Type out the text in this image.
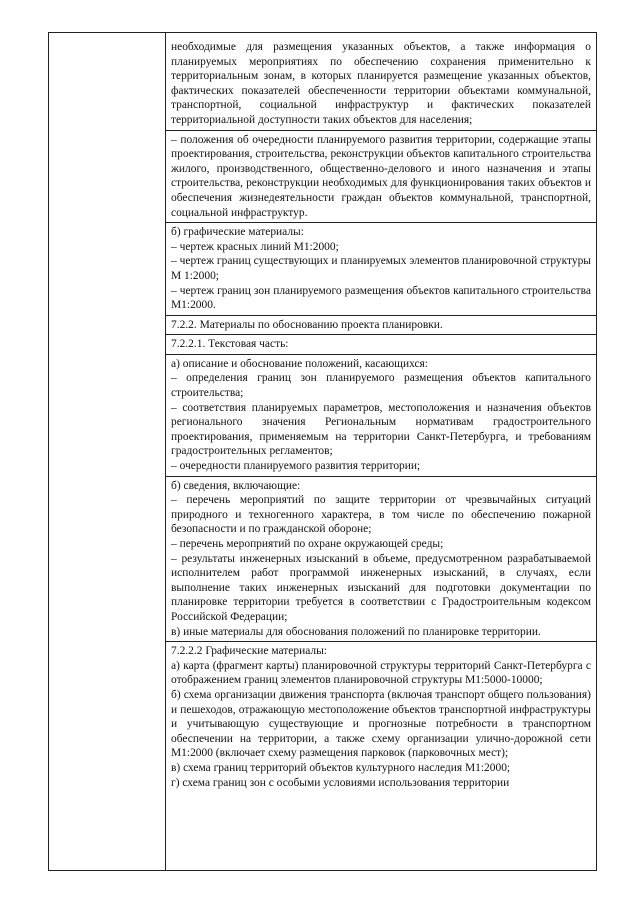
необходимые для размещения указанных объектов, а также информация о планируемых мероприятиях по обеспечению сохранения применительно к территориальным зонам, в которых планируется размещение указанных объектов, фактических показателей обеспеченности территории объектами коммунальной, транспортной, социальной инфраструктур и фактических показателей территориальной доступности таких объектов для населения;
– положения об очередности планируемого развития территории, содержащие этапы проектирования, строительства, реконструкции объектов капитального строительства жилого, производственного, общественно-делового и иного назначения и этапы строительства, реконструкции необходимых для функционирования таких объектов и обеспечения жизнедеятельности граждан объектов коммунальной, транспортной, социальной инфраструктур.
б) графические материалы:
– чертеж красных линий М1:2000;
– чертеж границ существующих и планируемых элементов планировочной структуры М 1:2000;
– чертеж границ зон планируемого размещения объектов капитального строительства М1:2000.
7.2.2. Материалы по обоснованию проекта планировки.
7.2.2.1. Текстовая часть:
а) описание и обоснование положений, касающихся:
– определения границ зон планируемого размещения объектов капитального строительства;
– соответствия планируемых параметров, местоположения и назначения объектов регионального значения Региональным нормативам градостроительного проектирования, применяемым на территории Санкт-Петербурга, и требованиям градостроительных регламентов;
– очередности планируемого развития территории;
б) сведения, включающие:
– перечень мероприятий по защите территории от чрезвычайных ситуаций природного и техногенного характера, в том числе по обеспечению пожарной безопасности и по гражданской обороне;
– перечень мероприятий по охране окружающей среды;
– результаты инженерных изысканий в объеме, предусмотренном разрабатываемой исполнителем работ программой инженерных изысканий, в случаях, если выполнение таких инженерных изысканий для подготовки документации по планировке территории требуется в соответствии с Градостроительным кодексом Российской Федерации;
в) иные материалы для обоснования положений по планировке территории.
7.2.2.2 Графические материалы:
а) карта (фрагмент карты) планировочной структуры территорий Санкт-Петербурга с отображением границ элементов планировочной структуры М1:5000-10000;
б) схема организации движения транспорта (включая транспорт общего пользования) и пешеходов, отражающую местоположение объектов транспортной инфраструктуры и учитывающую существующие и прогнозные потребности в транспортном обеспечении на территории, а также схему организации улично-дорожной сети М1:2000 (включает схему размещения парковок (парковочных мест);
в) схема границ территорий объектов культурного наследия М1:2000;
г) схема границ зон с особыми условиями использования территории
